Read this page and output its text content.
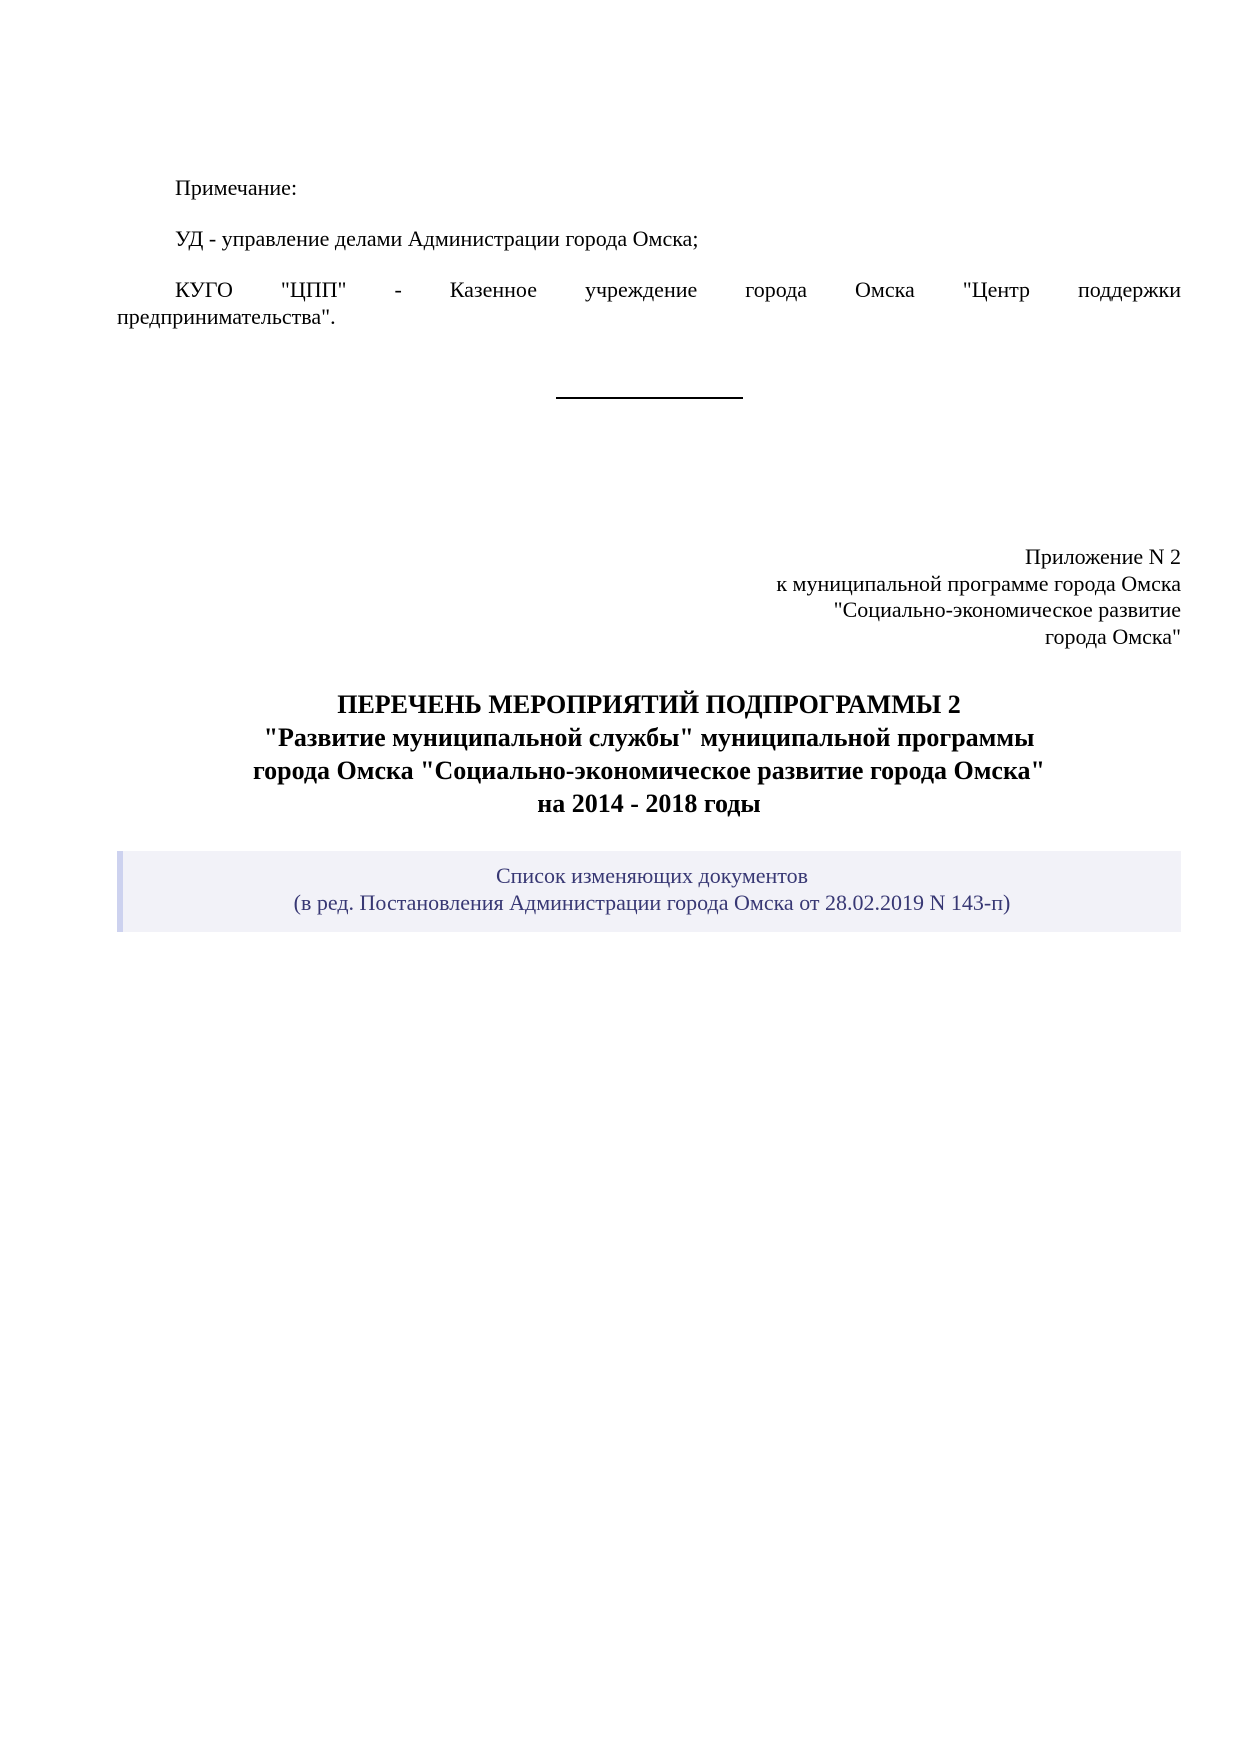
Примечание:

УД - управление делами Администрации города Омска;

КУГО "ЦПП" - Казенное учреждение города Омска "Центр поддержки
предпринимательства".
Приложение N 2
к муниципальной программе города Омска
"Социально-экономическое развитие
города Омска"
ПЕРЕЧЕНЬ МЕРОПРИЯТИЙ ПОДПРОГРАММЫ 2
"Развитие муниципальной службы" муниципальной программы
города Омска "Социально-экономическое развитие города Омска"
на 2014 - 2018 годы
Список изменяющих документов
(в ред. Постановления Администрации города Омска от 28.02.2019 N 143-п)
